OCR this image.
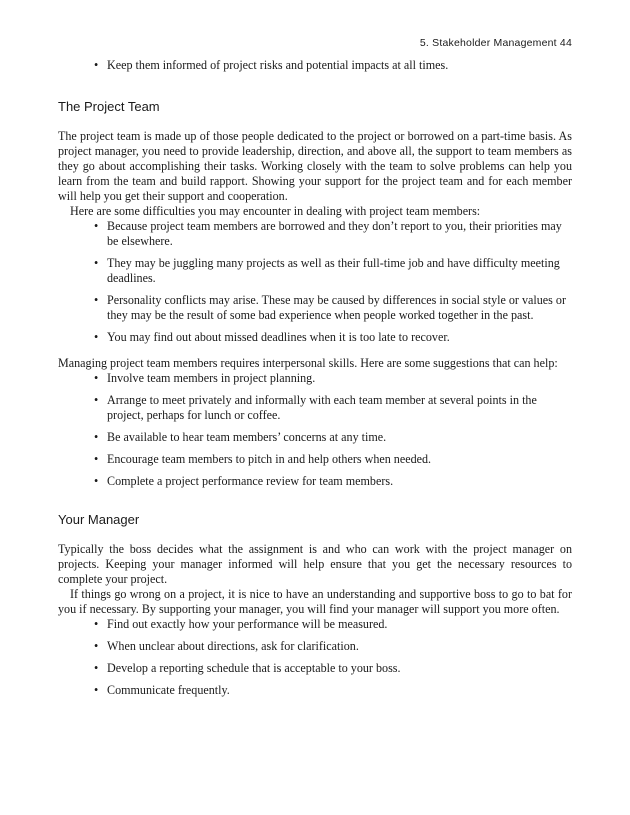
5. Stakeholder Management 44
• Keep them informed of project risks and potential impacts at all times.
The Project Team

The project team is made up of those people dedicated to the project or borrowed on a part-time basis. As project manager, you need to provide leadership, direction, and above all, the support to team members as they go about accomplishing their tasks. Working closely with the team to solve problems can help you learn from the team and build rapport. Showing your support for the project team and for each member will help you get their support and cooperation.

Here are some difficulties you may encounter in dealing with project team members:

• Because project team members are borrowed and they don’t report to you, their priorities may be elsewhere.
• They may be juggling many projects as well as their full-time job and have difficulty meeting deadlines.
• Personality conflicts may arise. These may be caused by differences in social style or values or they may be the result of some bad experience when people worked together in the past.
• You may find out about missed deadlines when it is too late to recover.

Managing project team members requires interpersonal skills. Here are some suggestions that can help:

• Involve team members in project planning.
• Arrange to meet privately and informally with each team member at several points in the project, perhaps for lunch or coffee.
• Be available to hear team members’ concerns at any time.
• Encourage team members to pitch in and help others when needed.
• Complete a project performance review for team members.
Your Manager

Typically the boss decides what the assignment is and who can work with the project manager on projects. Keeping your manager informed will help ensure that you get the necessary resources to complete your project.

If things go wrong on a project, it is nice to have an understanding and supportive boss to go to bat for you if necessary. By supporting your manager, you will find your manager will support you more often.

• Find out exactly how your performance will be measured.
• When unclear about directions, ask for clarification.
• Develop a reporting schedule that is acceptable to your boss.
• Communicate frequently.
